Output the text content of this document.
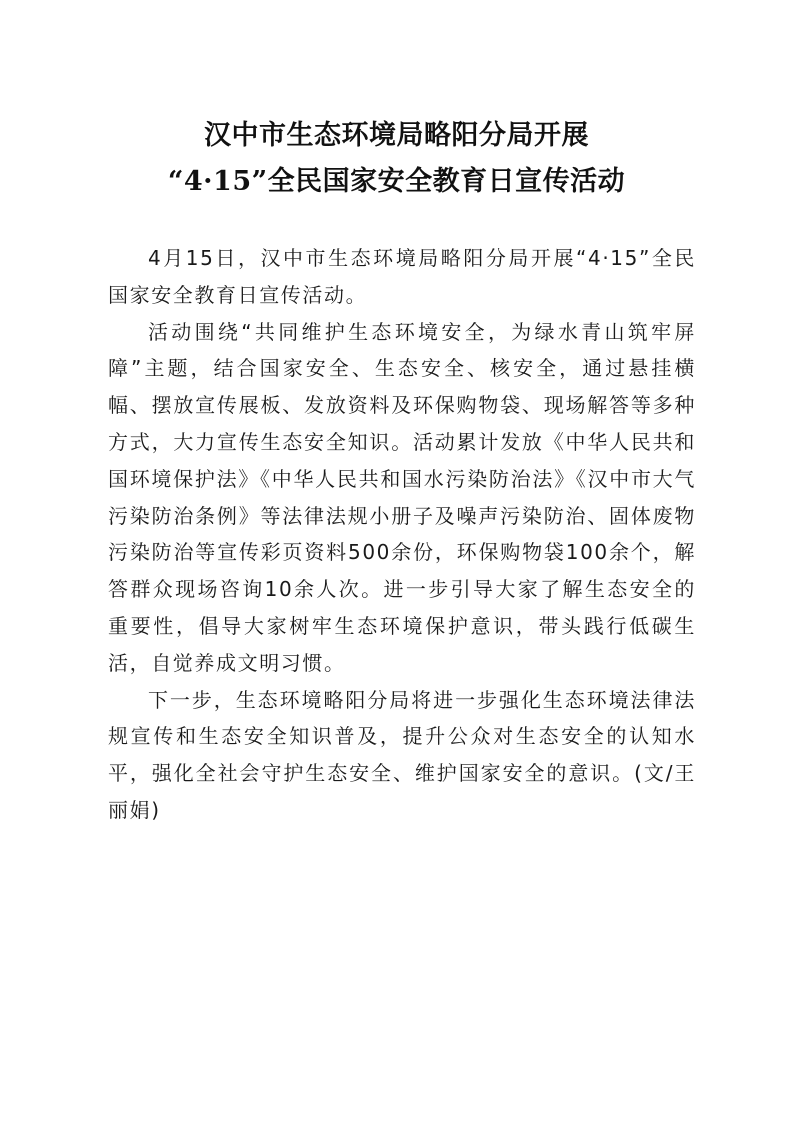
汉中市生态环境局略阳分局开展
“4·15”全民国家安全教育日宣传活动

4月15日，汉中市生态环境局略阳分局开展“4·15”全民国家安全教育日宣传活动。

活动围绕“共同维护生态环境安全，为绿水青山筑牢屏障”主题，结合国家安全、生态安全、核安全，通过悬挂横幅、摆放宣传展板、发放资料及环保购物袋、现场解答等多种方式，大力宣传生态安全知识。活动累计发放《中华人民共和国环境保护法》《中华人民共和国水污染防治法》《汉中市大气污染防治条例》等法律法规小册子及噪声污染防治、固体废物污染防治等宣传彩页资料500余份，环保购物袋100余个，解答群众现场咨询10余人次。进一步引导大家了解生态安全的重要性，倡导大家树牢生态环境保护意识，带头践行低碳生活，自觉养成文明习惯。

下一步，生态环境略阳分局将进一步强化生态环境法律法规宣传和生态安全知识普及，提升公众对生态安全的认知水平，强化全社会守护生态安全、维护国家安全的意识。(文/王丽娟)
